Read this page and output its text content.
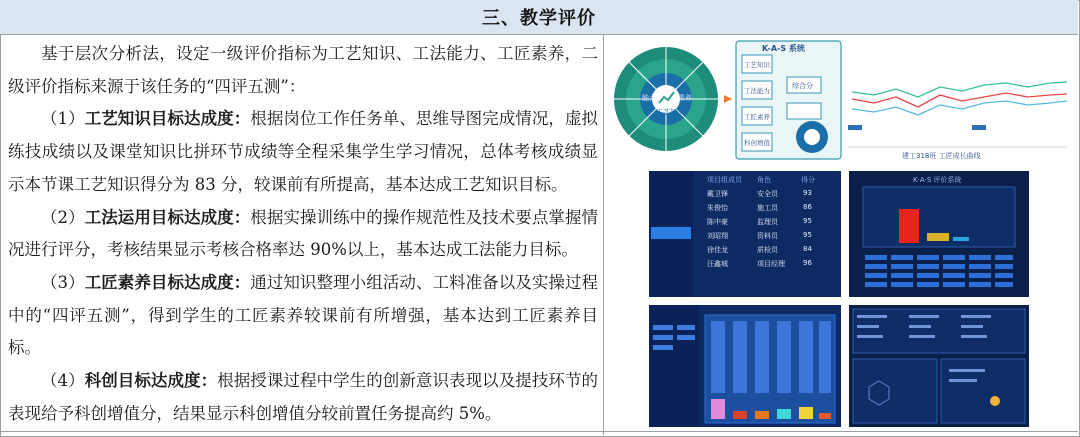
三、教学评价

基于层次分析法，设定一级评价指标为工艺知识、工法能力、工匠素养，二级评价指标来源于该任务的“四评五测”：

（1）工艺知识目标达成度：根据岗位工作任务单、思维导图完成情况，虚拟练技成绩以及课堂知识比拼环节成绩等全程采集学生学习情况，总体考核成绩显示本节课工艺知识得分为 83 分，较课前有所提高，基本达成工艺知识目标。

（2）工法运用目标达成度：根据实操训练中的操作规范性及技术要点掌握情况进行评分，考核结果显示考核合格率达 90%以上，基本达成工法能力目标。

（3）工匠素养目标达成度：通过知识整理小组活动、工料准备以及实操过程中的“四评五测”，得到学生的工匠素养较课前有所增强，基本达到工匠素养目标。

（4）科创目标达成度：根据授课过程中学生的创新意识表现以及提技环节的表现给予科创增值分，结果显示科创增值分较前置任务提高约 5%。

工艺知识
能力	素养
K-A-S 系统
工艺知识
工法能力
工匠素养
科创增值
综合分
建工318班 工匠成长曲线
项目组成员 角色	得分
戴卫锋	安全员	93
朱俊怡	施工员	86
陈中豪	监理员	95
刘昭翔	资料员	95
徐佳龙	质检员	84
汪鑫城	项目经理	96
K·A·S 评价系统
